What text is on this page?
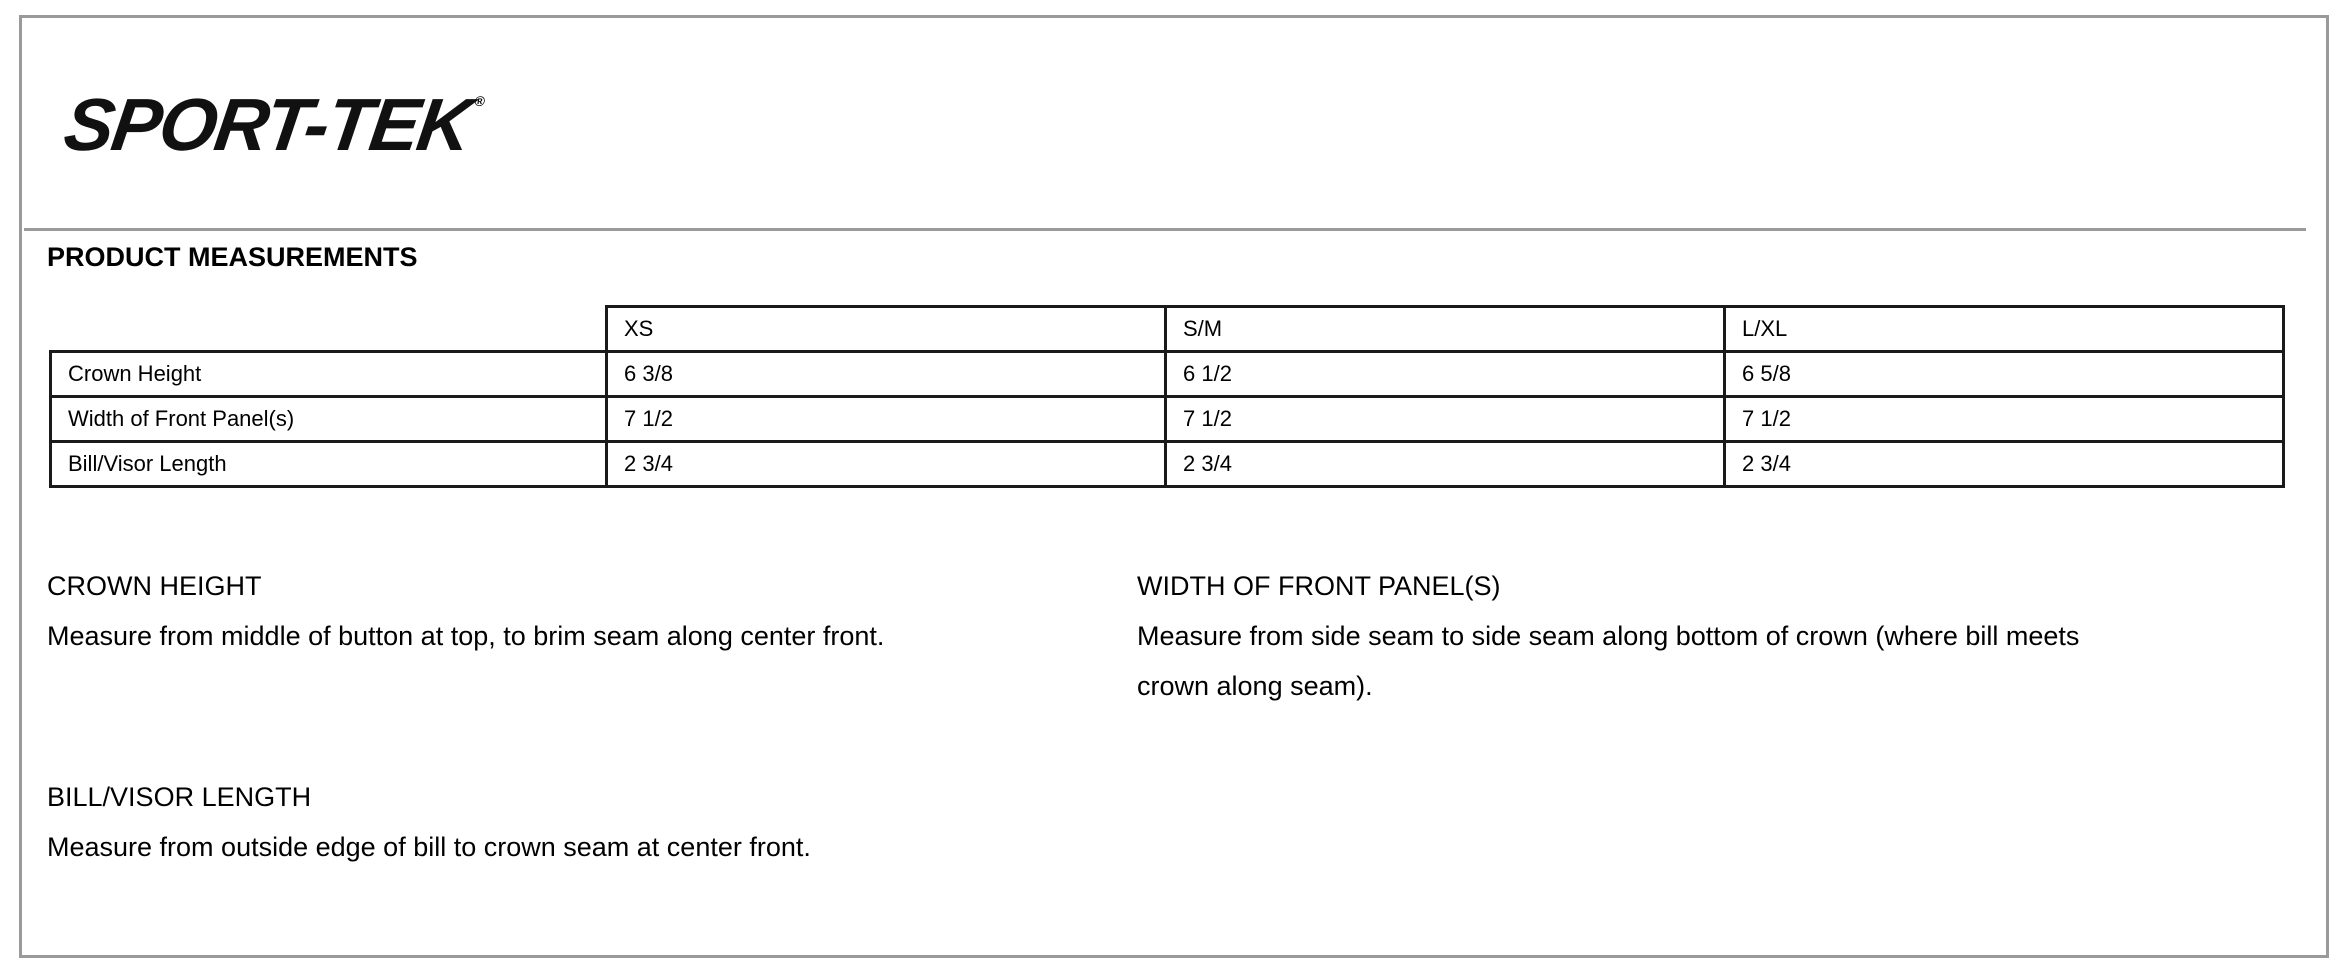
SPORT-TEK®
PRODUCT MEASUREMENTS
	XS	S/M	L/XL
Crown Height	6 3/8	6 1/2	6 5/8
Width of Front Panel(s)	7 1/2	7 1/2	7 1/2
Bill/Visor Length	2 3/4	2 3/4	2 3/4
CROWN HEIGHT
Measure from middle of button at top, to brim seam along center front.
WIDTH OF FRONT PANEL(S)
Measure from side seam to side seam along bottom of crown (where bill meets
crown along seam).
BILL/VISOR LENGTH
Measure from outside edge of bill to crown seam at center front.
